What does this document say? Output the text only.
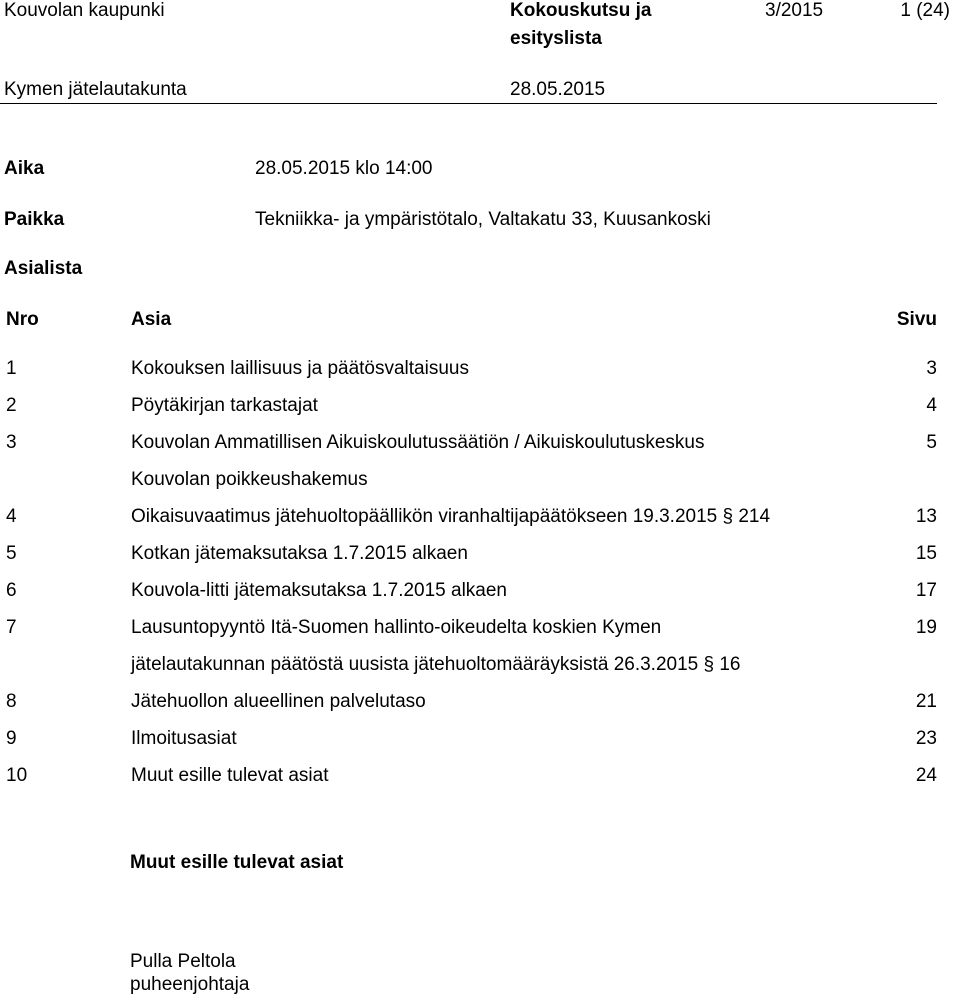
Kouvolan kaupunki	Kokouskutsu ja
esityslista
3/2015	1 (24)
Kymen jätelautakunta	28.05.2015
Aika	28.05.2015 klo 14:00
Paikka	Tekniikka- ja ympäristötalo, Valtakatu 33, Kuusankoski
Asialista
Nro	Asia	Sivu
1	Kokouksen laillisuus ja päätösvaltaisuus	3
2	Pöytäkirjan tarkastajat	4
3	Kouvolan Ammatillisen Aikuiskoulutussäätiön / Aikuiskoulutuskeskus	5
Kouvolan poikkeushakemus
4	Oikaisuvaatimus jätehuoltopäällikön viranhaltijapäätökseen 19.3.2015 § 214	13
5	Kotkan jätemaksutaksa 1.7.2015 alkaen	15
6	Kouvola-litti jätemaksutaksa 1.7.2015 alkaen	17
7	Lausuntopyyntö Itä-Suomen hallinto-oikeudelta koskien Kymen	19
jätelautakunnan päätöstä uusista jätehuoltomääräyksistä 26.3.2015 § 16
8	Jätehuollon alueellinen palvelutaso	21
9	Ilmoitusasiat	23
10	Muut esille tulevat asiat	24
Muut esille tulevat asiat
Pulla Peltola
puheenjohtaja
